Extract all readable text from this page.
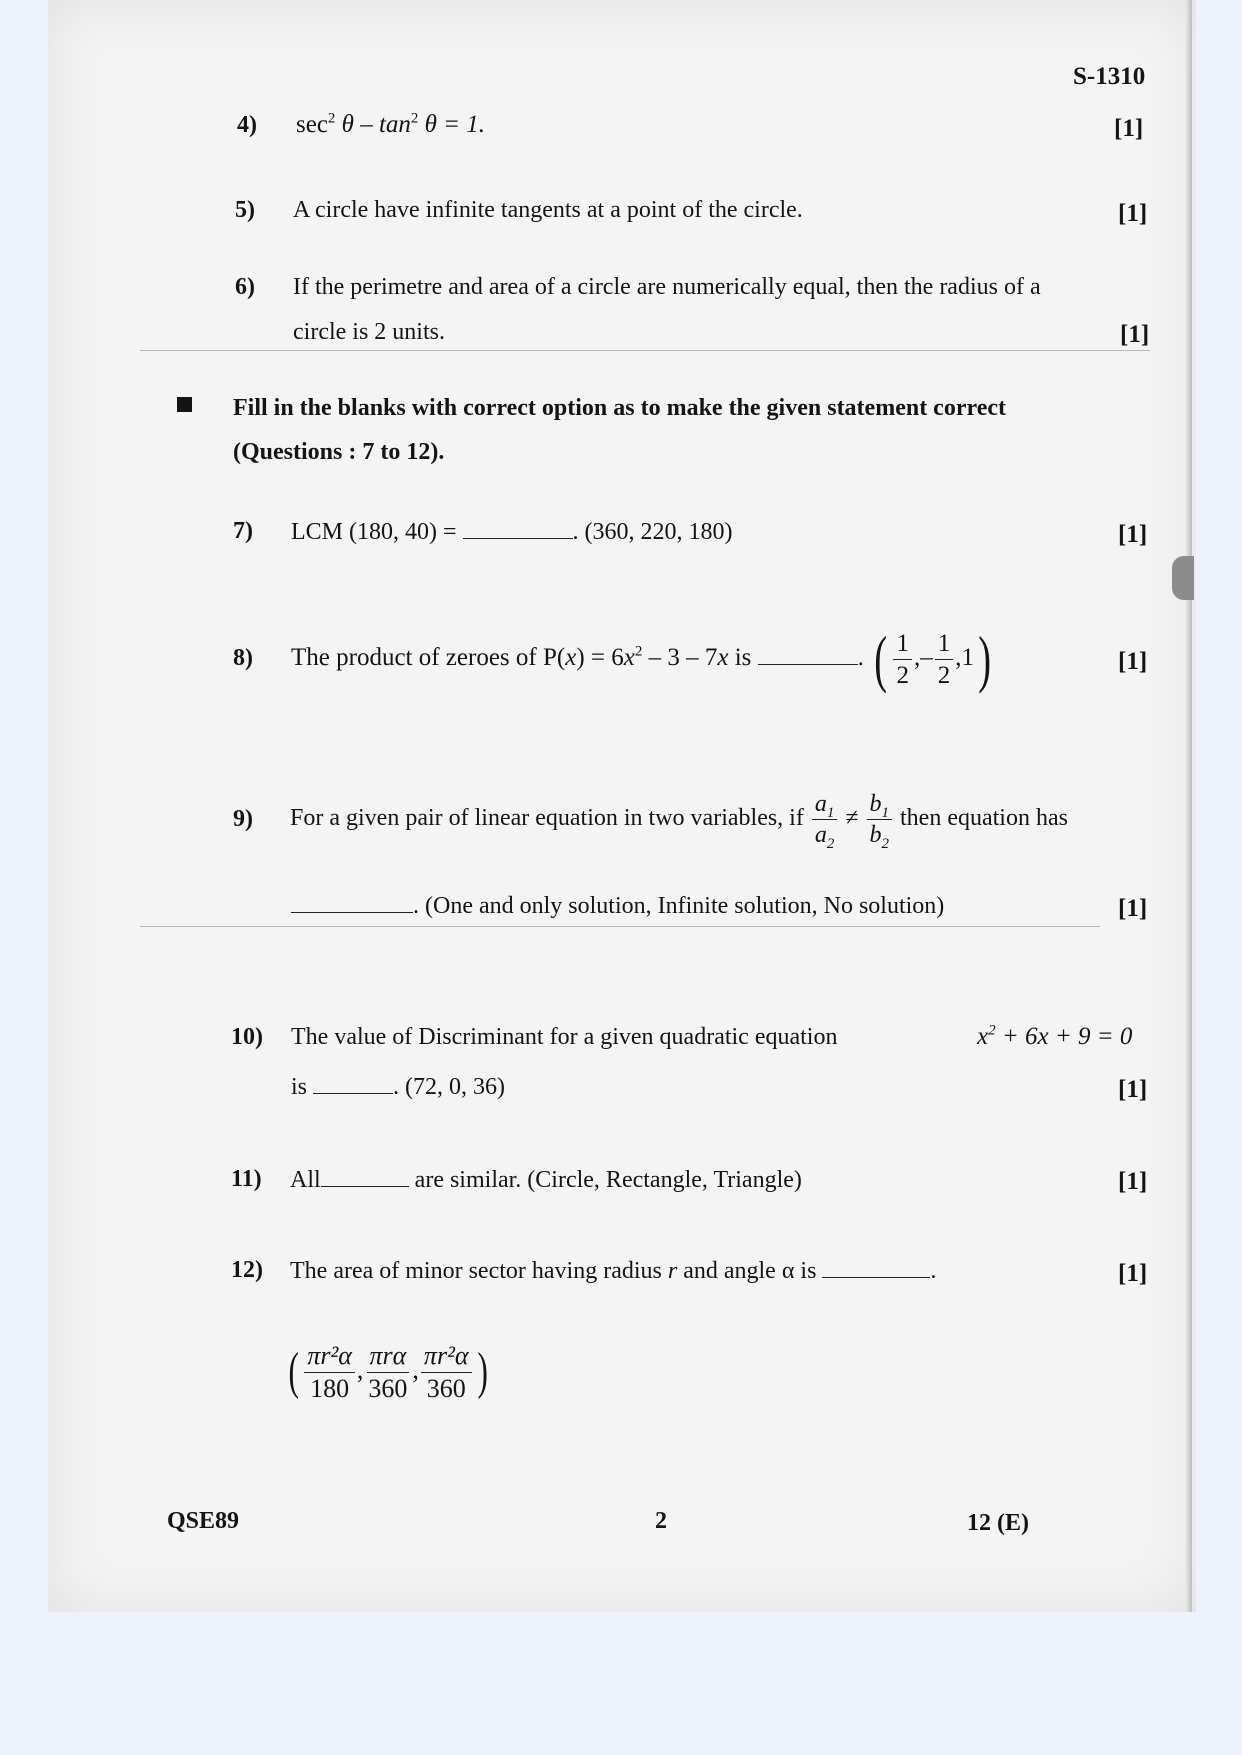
S-1310
4) $\sec^2 \theta - \tan^2 \theta = 1$.	[1]
5) A circle have infinite tangents at a point of the circle.	[1]
6) If the perimetre and area of a circle are numerically equal, then the radius of a
circle is 2 units.	[1]
Fill in the blanks with correct option as to make the given statement correct
(Questions : 7 to 12).
7) LCM (180, 40) =	. (360, 220, 180)	[1]
8) The product of zeroes of $P(x) = 6x^2 - 3 - 7x$ is	. ( $\frac{1}{2}$ ,– $\frac{1}{2} ,1$)	[1]
9) For a given pair of linear equation in two variables, if $\frac{a_1}{a_2} \ne \frac{b_1}{b_2}$ then equation has
. (One and only solution, Infinite solution, No solution)	[1]
10) The value of Discriminant for a given quadratic equation	$x^2 + 6x + 9 = 0$
is	. (72, 0, 36)	[1]
11) All	are similar. (Circle, Rectangle, Triangle)	[1]
12) The area of minor sector having radius r and angle α is	.	[1]
( $\frac{\text{πr²α}}{180}$ , $\frac{\text{πrα}}{360}$ , $\frac{\text{πr²α}}{360}$ )
QSE89	2	12 (E)
